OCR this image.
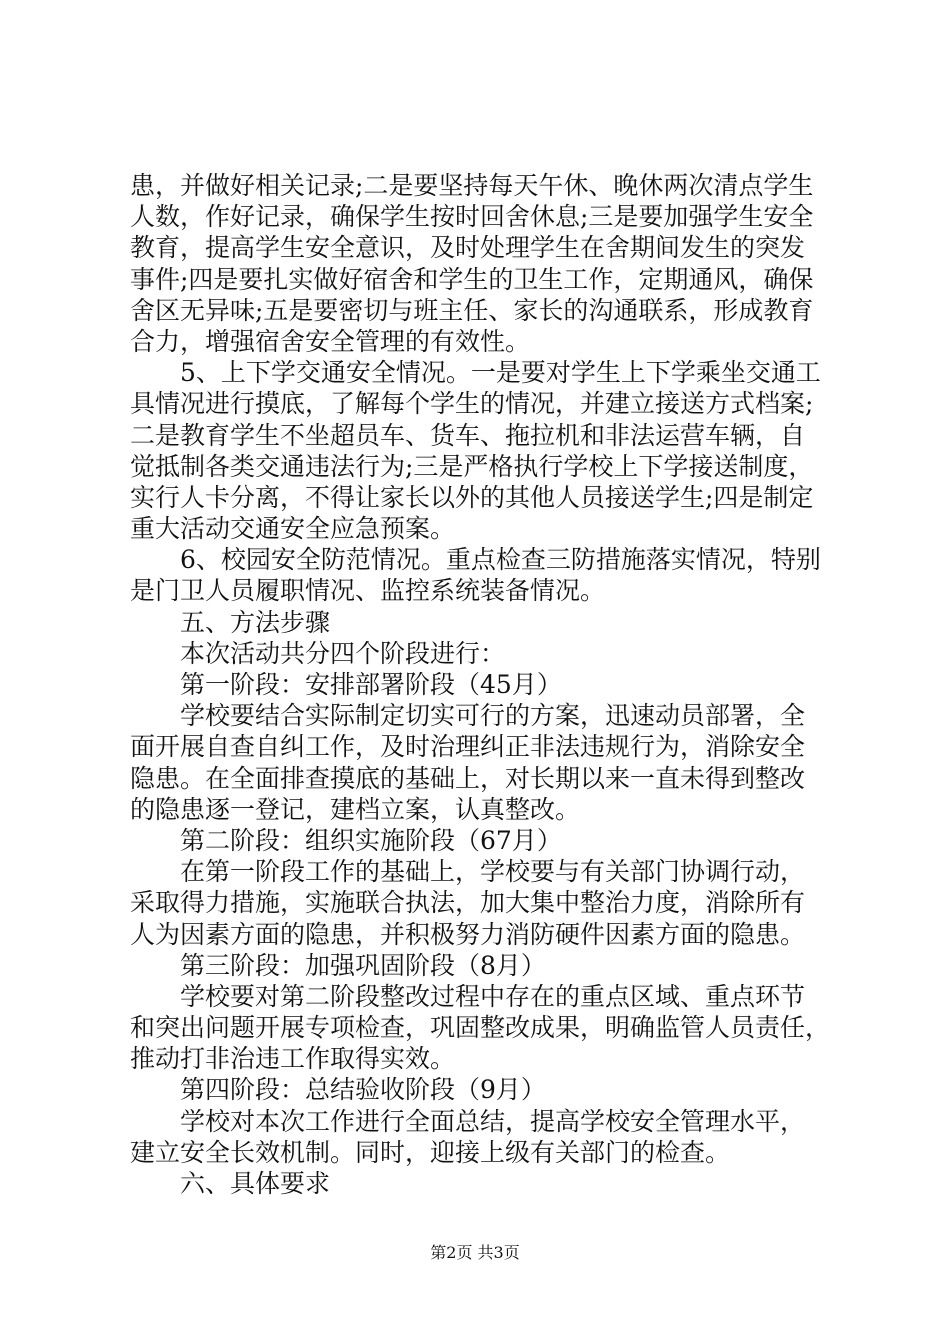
患，并做好相关记录;二是要坚持每天午休、晚休两次清点学生
人数，作好记录，确保学生按时回舍休息;三是要加强学生安全
教育，提高学生安全意识，及时处理学生在舍期间发生的突发
事件;四是要扎实做好宿舍和学生的卫生工作，定期通风，确保
舍区无异味;五是要密切与班主任、家长的沟通联系，形成教育
合力，增强宿舍安全管理的有效性。
5、上下学交通安全情况。一是要对学生上下学乘坐交通工
具情况进行摸底，了解每个学生的情况，并建立接送方式档案;
二是教育学生不坐超员车、货车、拖拉机和非法运营车辆，自
觉抵制各类交通违法行为;三是严格执行学校上下学接送制度，
实行人卡分离，不得让家长以外的其他人员接送学生;四是制定
重大活动交通安全应急预案。
6、校园安全防范情况。重点检查三防措施落实情况，特别
是门卫人员履职情况、监控系统装备情况。
五、方法步骤
本次活动共分四个阶段进行：
第一阶段：安排部署阶段（45月）
学校要结合实际制定切实可行的方案，迅速动员部署，全
面开展自查自纠工作，及时治理纠正非法违规行为，消除安全
隐患。在全面排查摸底的基础上，对长期以来一直未得到整改
的隐患逐一登记，建档立案，认真整改。
第二阶段：组织实施阶段（67月）
在第一阶段工作的基础上，学校要与有关部门协调行动，
采取得力措施，实施联合执法，加大集中整治力度，消除所有
人为因素方面的隐患，并积极努力消防硬件因素方面的隐患。
第三阶段：加强巩固阶段（8月）
学校要对第二阶段整改过程中存在的重点区域、重点环节
和突出问题开展专项检查，巩固整改成果，明确监管人员责任，
推动打非治违工作取得实效。
第四阶段：总结验收阶段（9月）
学校对本次工作进行全面总结，提高学校安全管理水平，
建立安全长效机制。同时，迎接上级有关部门的检查。
六、具体要求
第2页 共3页
